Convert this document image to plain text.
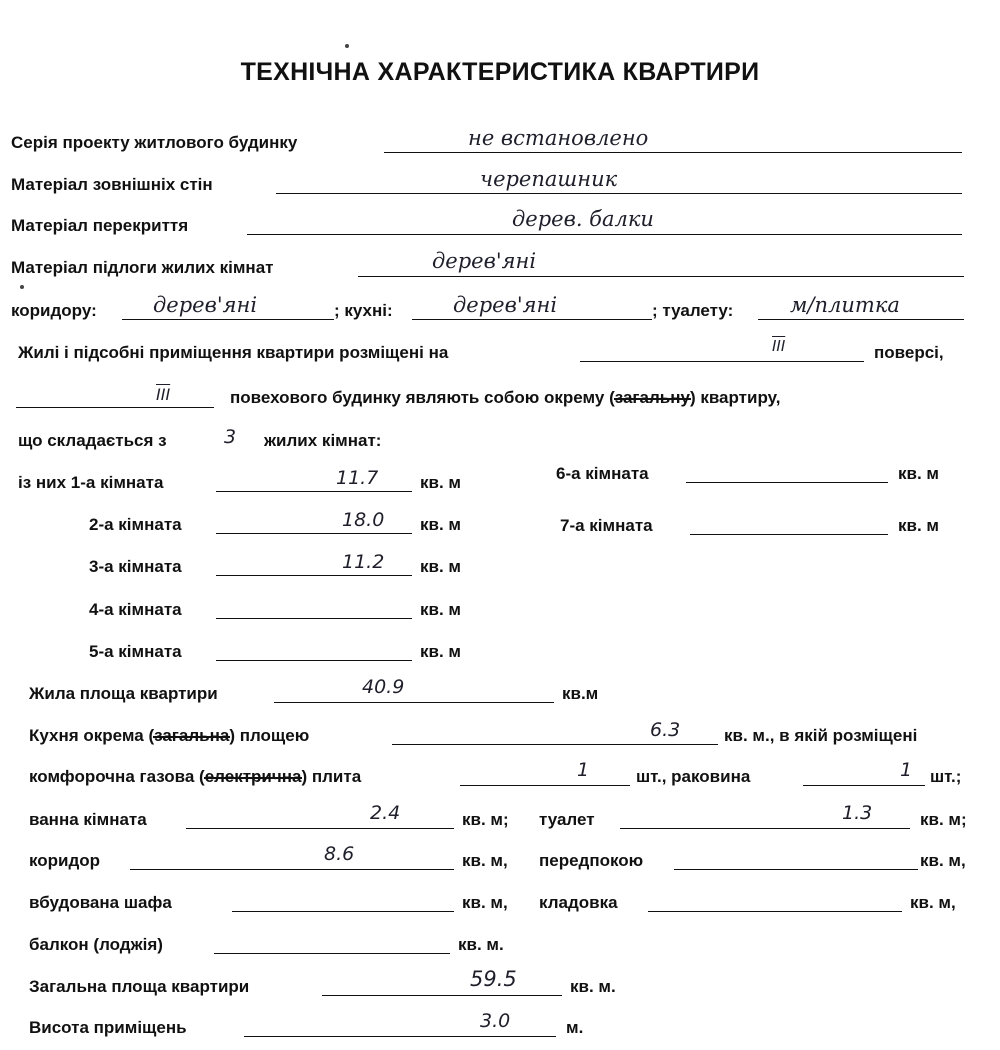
ТЕХНІЧНА ХАРАКТЕРИСТИКА КВАРТИРИ
Серія проекту житлового будинку	не встановлено
Матеріал зовнішніх стін	черепашник
Матеріал перекриття	дерев. балки
Матеріал підлоги жилих кімнат	дерев'яні
коридору:	дерев'яні	; кухні:	дерев'яні	; туалету:	м/плитка
Жилі і підсобні приміщення квартири розміщені на	ІІІ	поверсі,
ІІІ	повехового будинку являють собою окрему (загальну) квартиру,
що складається з	3 жилих кімнат:
із них 1-а кімната	11.7 кв. м
2-а кімната	18.0 кв. м
3-а кімната	11.2 кв. м
4-а кімната	кв. м
5-а кімната	кв. м
6-а кімната	кв. м
7-а кімната	кв. м
Жила площа квартири	40.9	кв.м
Кухня окрема (загальна) площею	6.3	кв. м., в якій розміщені
комфорочна газова (електрична) плита	1	шт., раковина	1 шт.;
ванна кімната	2.4	кв. м; туалет	1.3	кв. м;
коридор	8.6	кв. м, передпокою	кв. м,
вбудована шафа	кв. м, кладовка	кв. м,
балкон (лоджія)	кв. м.
Загальна площа квартири	59.5	кв. м.
Висота приміщень	3.0	м.
